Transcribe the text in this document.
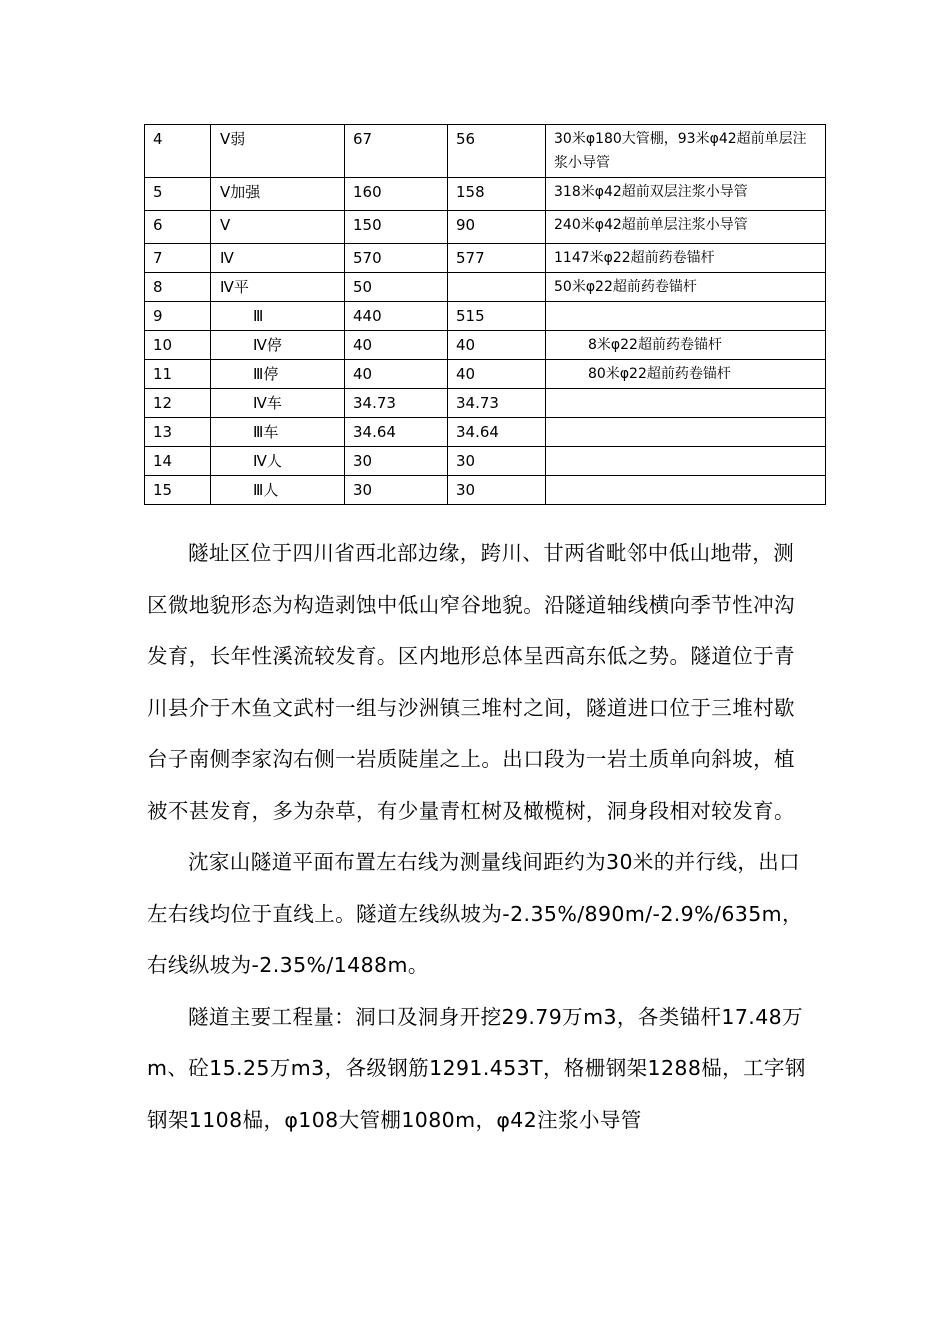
4	Ⅴ弱	67	56	30米φ180大管棚，93米φ42超前单层注浆小导管
5	Ⅴ加强	160	158	318米φ42超前双层注浆小导管
6	Ⅴ	150	90	240米φ42超前单层注浆小导管
7	Ⅳ	570	577	1147米φ22超前药卷锚杆
8	Ⅳ平	50		50米φ22超前药卷锚杆
9	Ⅲ	440	515	
10	Ⅳ停	40	40	8米φ22超前药卷锚杆
11	Ⅲ停	40	40	80米φ22超前药卷锚杆
12	Ⅳ车	34.73	34.73	
13	Ⅲ车	34.64	34.64	
14	Ⅳ人	30	30	
15	Ⅲ人	30	30	

隧址区位于四川省西北部边缘，跨川、甘两省毗邻中低山地带，测区微地貌形态为构造剥蚀中低山窄谷地貌。沿隧道轴线横向季节性冲沟发育，长年性溪流较发育。区内地形总体呈西高东低之势。隧道位于青川县介于木鱼文武村一组与沙洲镇三堆村之间，隧道进口位于三堆村歇台子南侧李家沟右侧一岩质陡崖之上。出口段为一岩土质单向斜坡，植被不甚发育，多为杂草，有少量青杠树及橄榄树，洞身段相对较发育。

沈家山隧道平面布置左右线为测量线间距约为30米的并行线，出口左右线均位于直线上。隧道左线纵坡为-2.35%/890m/-2.9%/635m，右线纵坡为-2.35%/1488m。

隧道主要工程量：洞口及洞身开挖29.79万m3，各类锚杆17.48万m、砼15.25万m3，各级钢筋1291.453T，格栅钢架1288榀，工字钢钢架1108榀，φ108大管棚1080m，φ42注浆小导管
